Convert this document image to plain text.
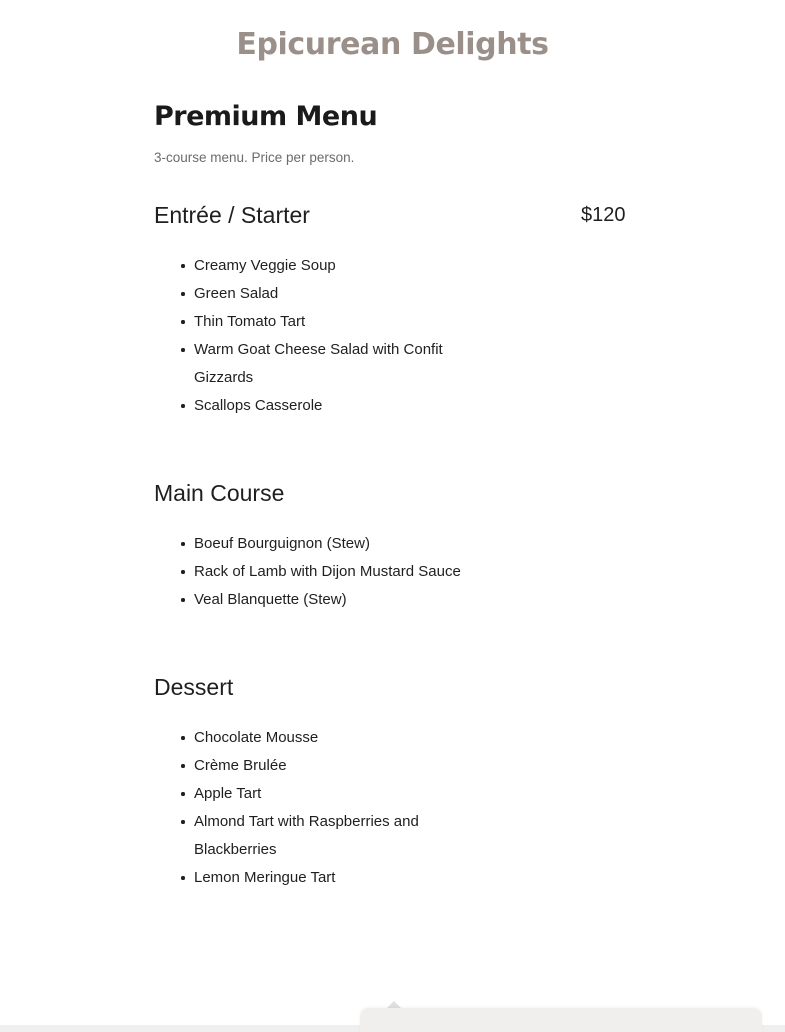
Epicurean Delights
Premium Menu

3-course menu. Price per person.

Entrée / Starter	$120
Creamy Veggie Soup
Green Salad
Thin Tomato Tart
Warm Goat Cheese Salad with Confit Gizzards
Scallops Casserole
Main Course
Boeuf Bourguignon (Stew)
Rack of Lamb with Dijon Mustard Sauce
Veal Blanquette (Stew)
Dessert
Chocolate Mousse
Crème Brulée
Apple Tart
Almond Tart with Raspberries and Blackberries
Lemon Meringue Tart
